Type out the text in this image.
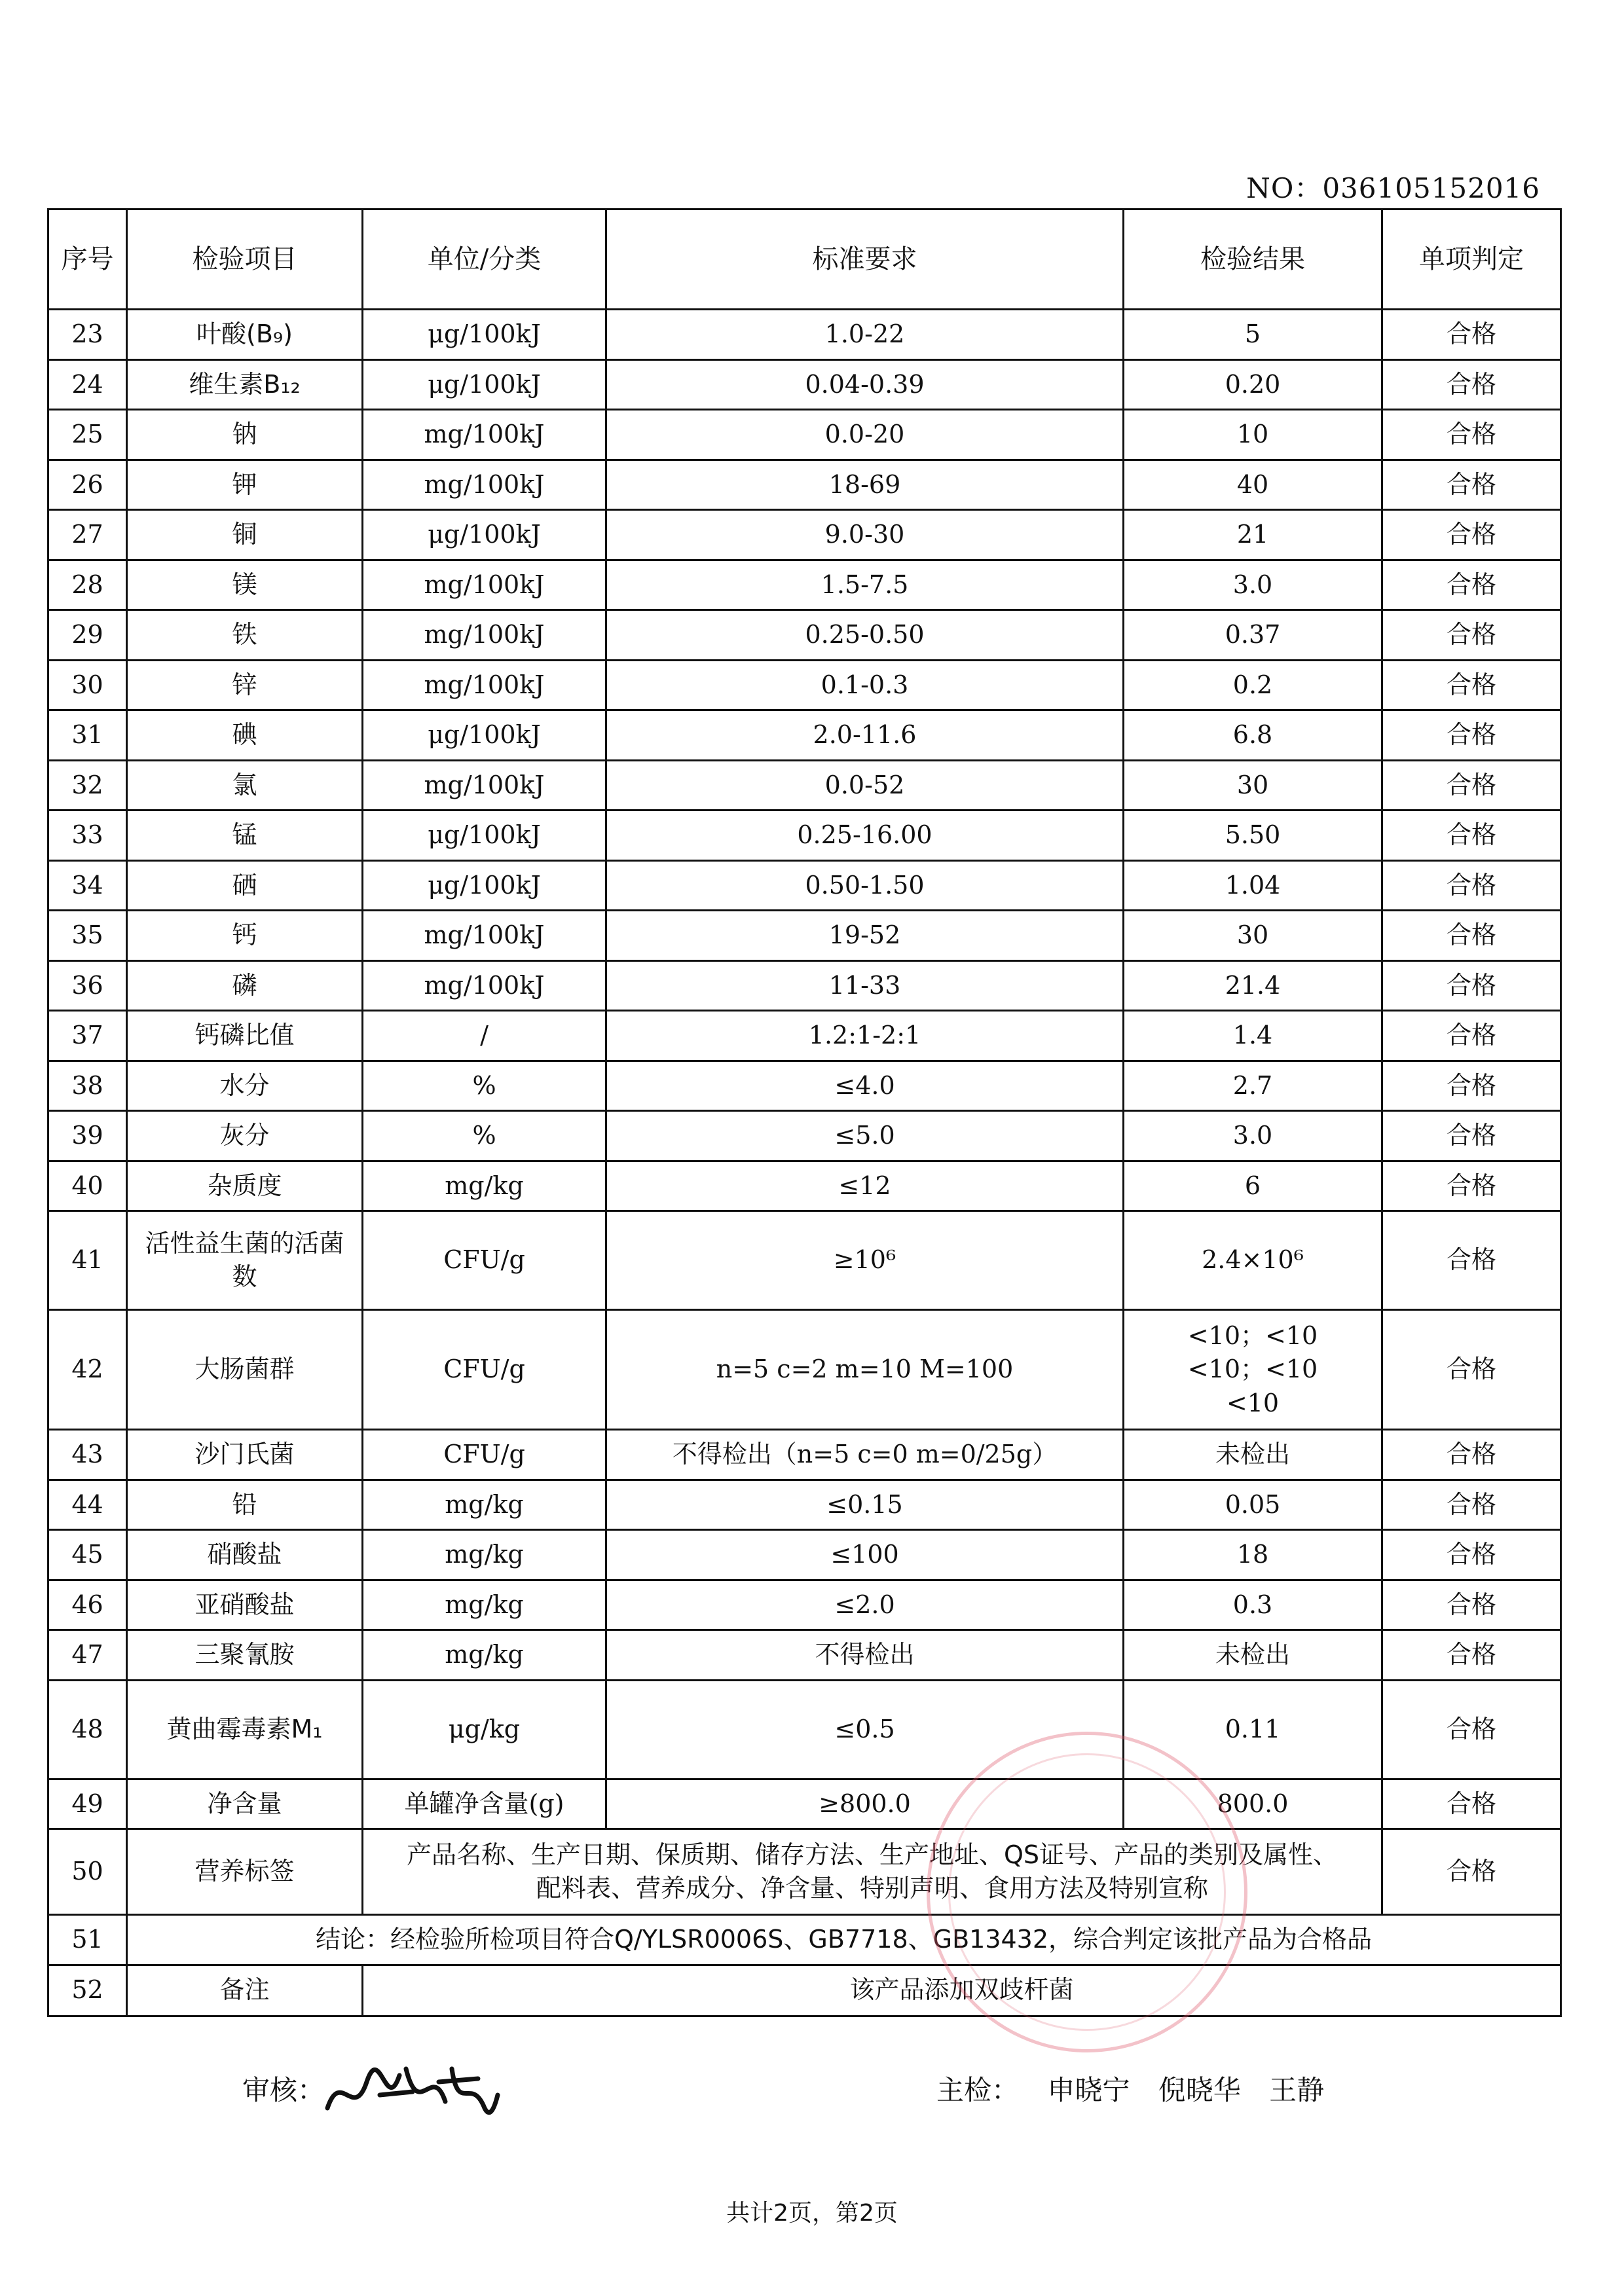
NO：036105152016
序号	检验项目	单位/分类	标准要求	检验结果	单项判定
23	叶酸(B₉)	μg/100kJ	1.0-22	5	合格
24	维生素B₁₂	μg/100kJ	0.04-0.39	0.20	合格
25	钠	mg/100kJ	0.0-20	10	合格
26	钾	mg/100kJ	18-69	40	合格
27	铜	μg/100kJ	9.0-30	21	合格
28	镁	mg/100kJ	1.5-7.5	3.0	合格
29	铁	mg/100kJ	0.25-0.50	0.37	合格
30	锌	mg/100kJ	0.1-0.3	0.2	合格
31	碘	μg/100kJ	2.0-11.6	6.8	合格
32	氯	mg/100kJ	0.0-52	30	合格
33	锰	μg/100kJ	0.25-16.00	5.50	合格
34	硒	μg/100kJ	0.50-1.50	1.04	合格
35	钙	mg/100kJ	19-52	30	合格
36	磷	mg/100kJ	11-33	21.4	合格
37	钙磷比值	/	1.2:1-2:1	1.4	合格
38	水分	%	≤4.0	2.7	合格
39	灰分	%	≤5.0	3.0	合格
40	杂质度	mg/kg	≤12	6	合格
41	活性益生菌的活菌数	CFU/g	≥10⁶	2.4×10⁶	合格
42	大肠菌群	CFU/g	n=5 c=2 m=10 M=100	<10；<10
<10；<10
<10	合格
43	沙门氏菌	CFU/g	不得检出（n=5 c=0 m=0/25g）	未检出	合格
44	铅	mg/kg	≤0.15	0.05	合格
45	硝酸盐	mg/kg	≤100	18	合格
46	亚硝酸盐	mg/kg	≤2.0	0.3	合格
47	三聚氰胺	mg/kg	不得检出	未检出	合格
48	黄曲霉毒素M₁	μg/kg	≤0.5	0.11	合格
49	净含量	单罐净含量(g)	≥800.0	800.0	合格
50	营养标签	产品名称、生产日期、保质期、储存方法、生产地址、QS证号、产品的类别及属性、
配料表、营养成分、净含量、特别声明、食用方法及特别宣称			合格
51	结论：经检验所检项目符合Q/YLSR0006S、GB7718、GB13432，综合判定该批产品为合格品				
52	备注	该产品添加双歧杆菌			
审核：	主检： 申晓宁 倪晓华 王静
共计2页，第2页
